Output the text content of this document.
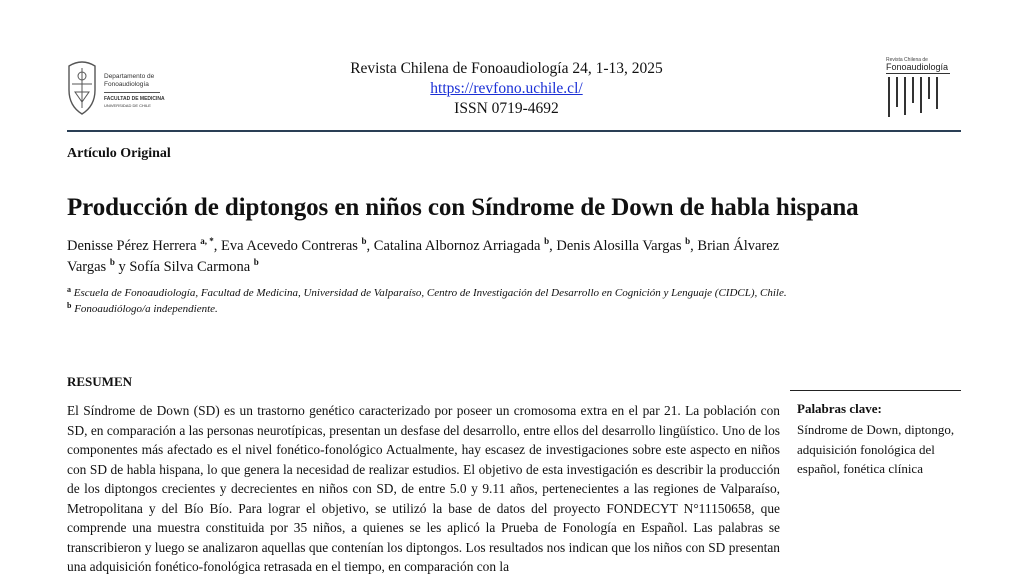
Departamento de
Fonoaudiología
FACULTAD DE MEDICINA
UNIVERSIDAD DE CHILE
Revista Chilena de Fonoaudiología 24, 1-13, 2025
https://revfono.uchile.cl/
ISSN 0719-4692
Revista Chilena de
Fonoaudiología
Artículo Original
Producción de diptongos en niños con Síndrome de Down de habla hispana
Denisse Pérez Herrera $^{a, *}$, Eva Acevedo Contreras $^b$, Catalina Albornoz Arriagada $^b$, Denis Alosilla Vargas $^b$, Brian Álvarez Vargas $^b$ y Sofía Silva Carmona $^b$
$^a$ Escuela de Fonoaudiología, Facultad de Medicina, Universidad de Valparaíso, Centro de Investigación del Desarrollo en Cognición y Lenguaje (CIDCL), Chile.
$^b$ Fonoaudiólogo/a independiente.
RESUMEN
El Síndrome de Down (SD) es un trastorno genético caracterizado por poseer un cromosoma extra en el par 21. La población con SD, en comparación a las personas neurotípicas, presentan un desfase del desarrollo, entre ellos del desarrollo lingüístico. Uno de los componentes más afectado es el nivel fonético-fonológico Actualmente, hay escasez de investigaciones sobre este aspecto en niños con SD de habla hispana, lo que genera la necesidad de realizar estudios. El objetivo de esta investigación es describir la producción de los diptongos crecientes y decrecientes en niños con SD, de entre 5.0 y 9.11 años, pertenecientes a las regiones de Valparaíso, Metropolitana y del Bío Bío. Para lograr el objetivo, se utilizó la base de datos del proyecto FONDECYT N°11150658, que comprende una muestra constituida por 35 niños, a quienes se les aplicó la Prueba de Fonología en Español. Las palabras se transcribieron y luego se analizaron aquellas que contenían los diptongos. Los resultados nos indican que los niños con SD presentan una adquisición fonético-fonológica retrasada en el tiempo, en comparación con la
Palabras clave:
Síndrome de Down, diptongo, adquisición fonológica del español, fonética clínica
